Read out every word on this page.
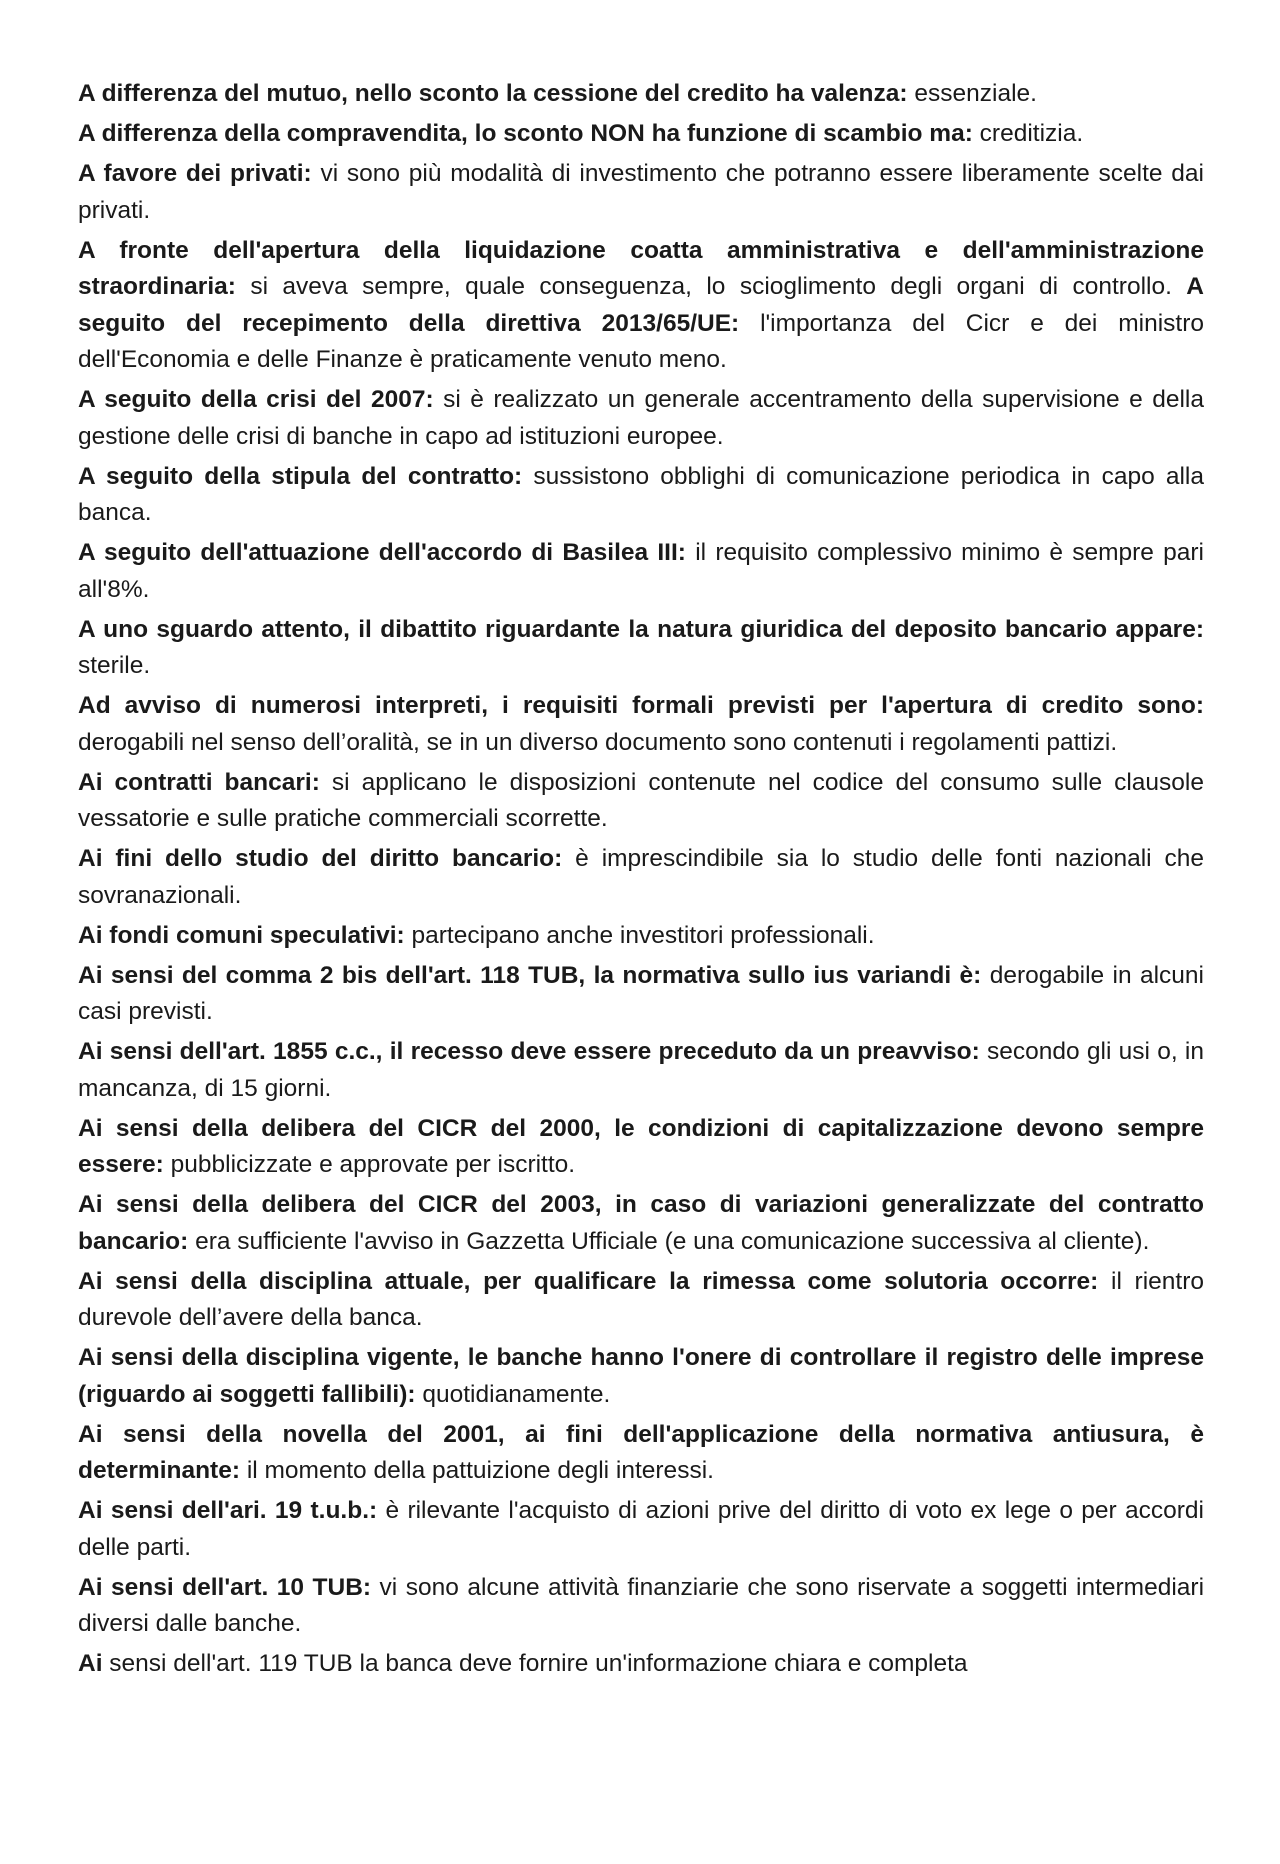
A differenza del mutuo, nello sconto la cessione del credito ha valenza: essenziale.

A differenza della compravendita, lo sconto NON ha funzione di scambio ma: creditizia.

A favore dei privati: vi sono più modalità di investimento che potranno essere liberamente scelte dai privati.

A fronte dell'apertura della liquidazione coatta amministrativa e dell'amministrazione straordinaria: si aveva sempre, quale conseguenza, lo scioglimento degli organi di controllo. A seguito del recepimento della direttiva 2013/65/UE: l'importanza del Cicr e dei ministro dell'Economia e delle Finanze è praticamente venuto meno.

A seguito della crisi del 2007: si è realizzato un generale accentramento della supervisione e della gestione delle crisi di banche in capo ad istituzioni europee.

A seguito della stipula del contratto: sussistono obblighi di comunicazione periodica in capo alla banca.

A seguito dell'attuazione dell'accordo di Basilea III: il requisito complessivo minimo è sempre pari all'8%.

A uno sguardo attento, il dibattito riguardante la natura giuridica del deposito bancario appare: sterile.

Ad avviso di numerosi interpreti, i requisiti formali previsti per l'apertura di credito sono: derogabili nel senso dell’oralità, se in un diverso documento sono contenuti i regolamenti pattizi.

Ai contratti bancari: si applicano le disposizioni contenute nel codice del consumo sulle clausole vessatorie e sulle pratiche commerciali scorrette.

Ai fini dello studio del diritto bancario: è imprescindibile sia lo studio delle fonti nazionali che sovranazionali.

Ai fondi comuni speculativi: partecipano anche investitori professionali.

Ai sensi del comma 2 bis dell'art. 118 TUB, la normativa sullo ius variandi è: derogabile in alcuni casi previsti.

Ai sensi dell'art. 1855 c.c., il recesso deve essere preceduto da un preavviso: secondo gli usi o, in mancanza, di 15 giorni.

Ai sensi della delibera del CICR del 2000, le condizioni di capitalizzazione devono sempre essere: pubblicizzate e approvate per iscritto.

Ai sensi della delibera del CICR del 2003, in caso di variazioni generalizzate del contratto bancario: era sufficiente l'avviso in Gazzetta Ufficiale (e una comunicazione successiva al cliente).

Ai sensi della disciplina attuale, per qualificare la rimessa come solutoria occorre: il rientro durevole dell’avere della banca.

Ai sensi della disciplina vigente, le banche hanno l'onere di controllare il registro delle imprese (riguardo ai soggetti fallibili): quotidianamente.

Ai sensi della novella del 2001, ai fini dell'applicazione della normativa antiusura, è determinante: il momento della pattuizione degli interessi.

Ai sensi dell'ari. 19 t.u.b.: è rilevante l'acquisto di azioni prive del diritto di voto ex lege o per accordi delle parti.

Ai sensi dell'art. 10 TUB: vi sono alcune attività finanziarie che sono riservate a soggetti intermediari diversi dalle banche.

Ai sensi dell'art. 119 TUB la banca deve fornire un'informazione chiara e completa
